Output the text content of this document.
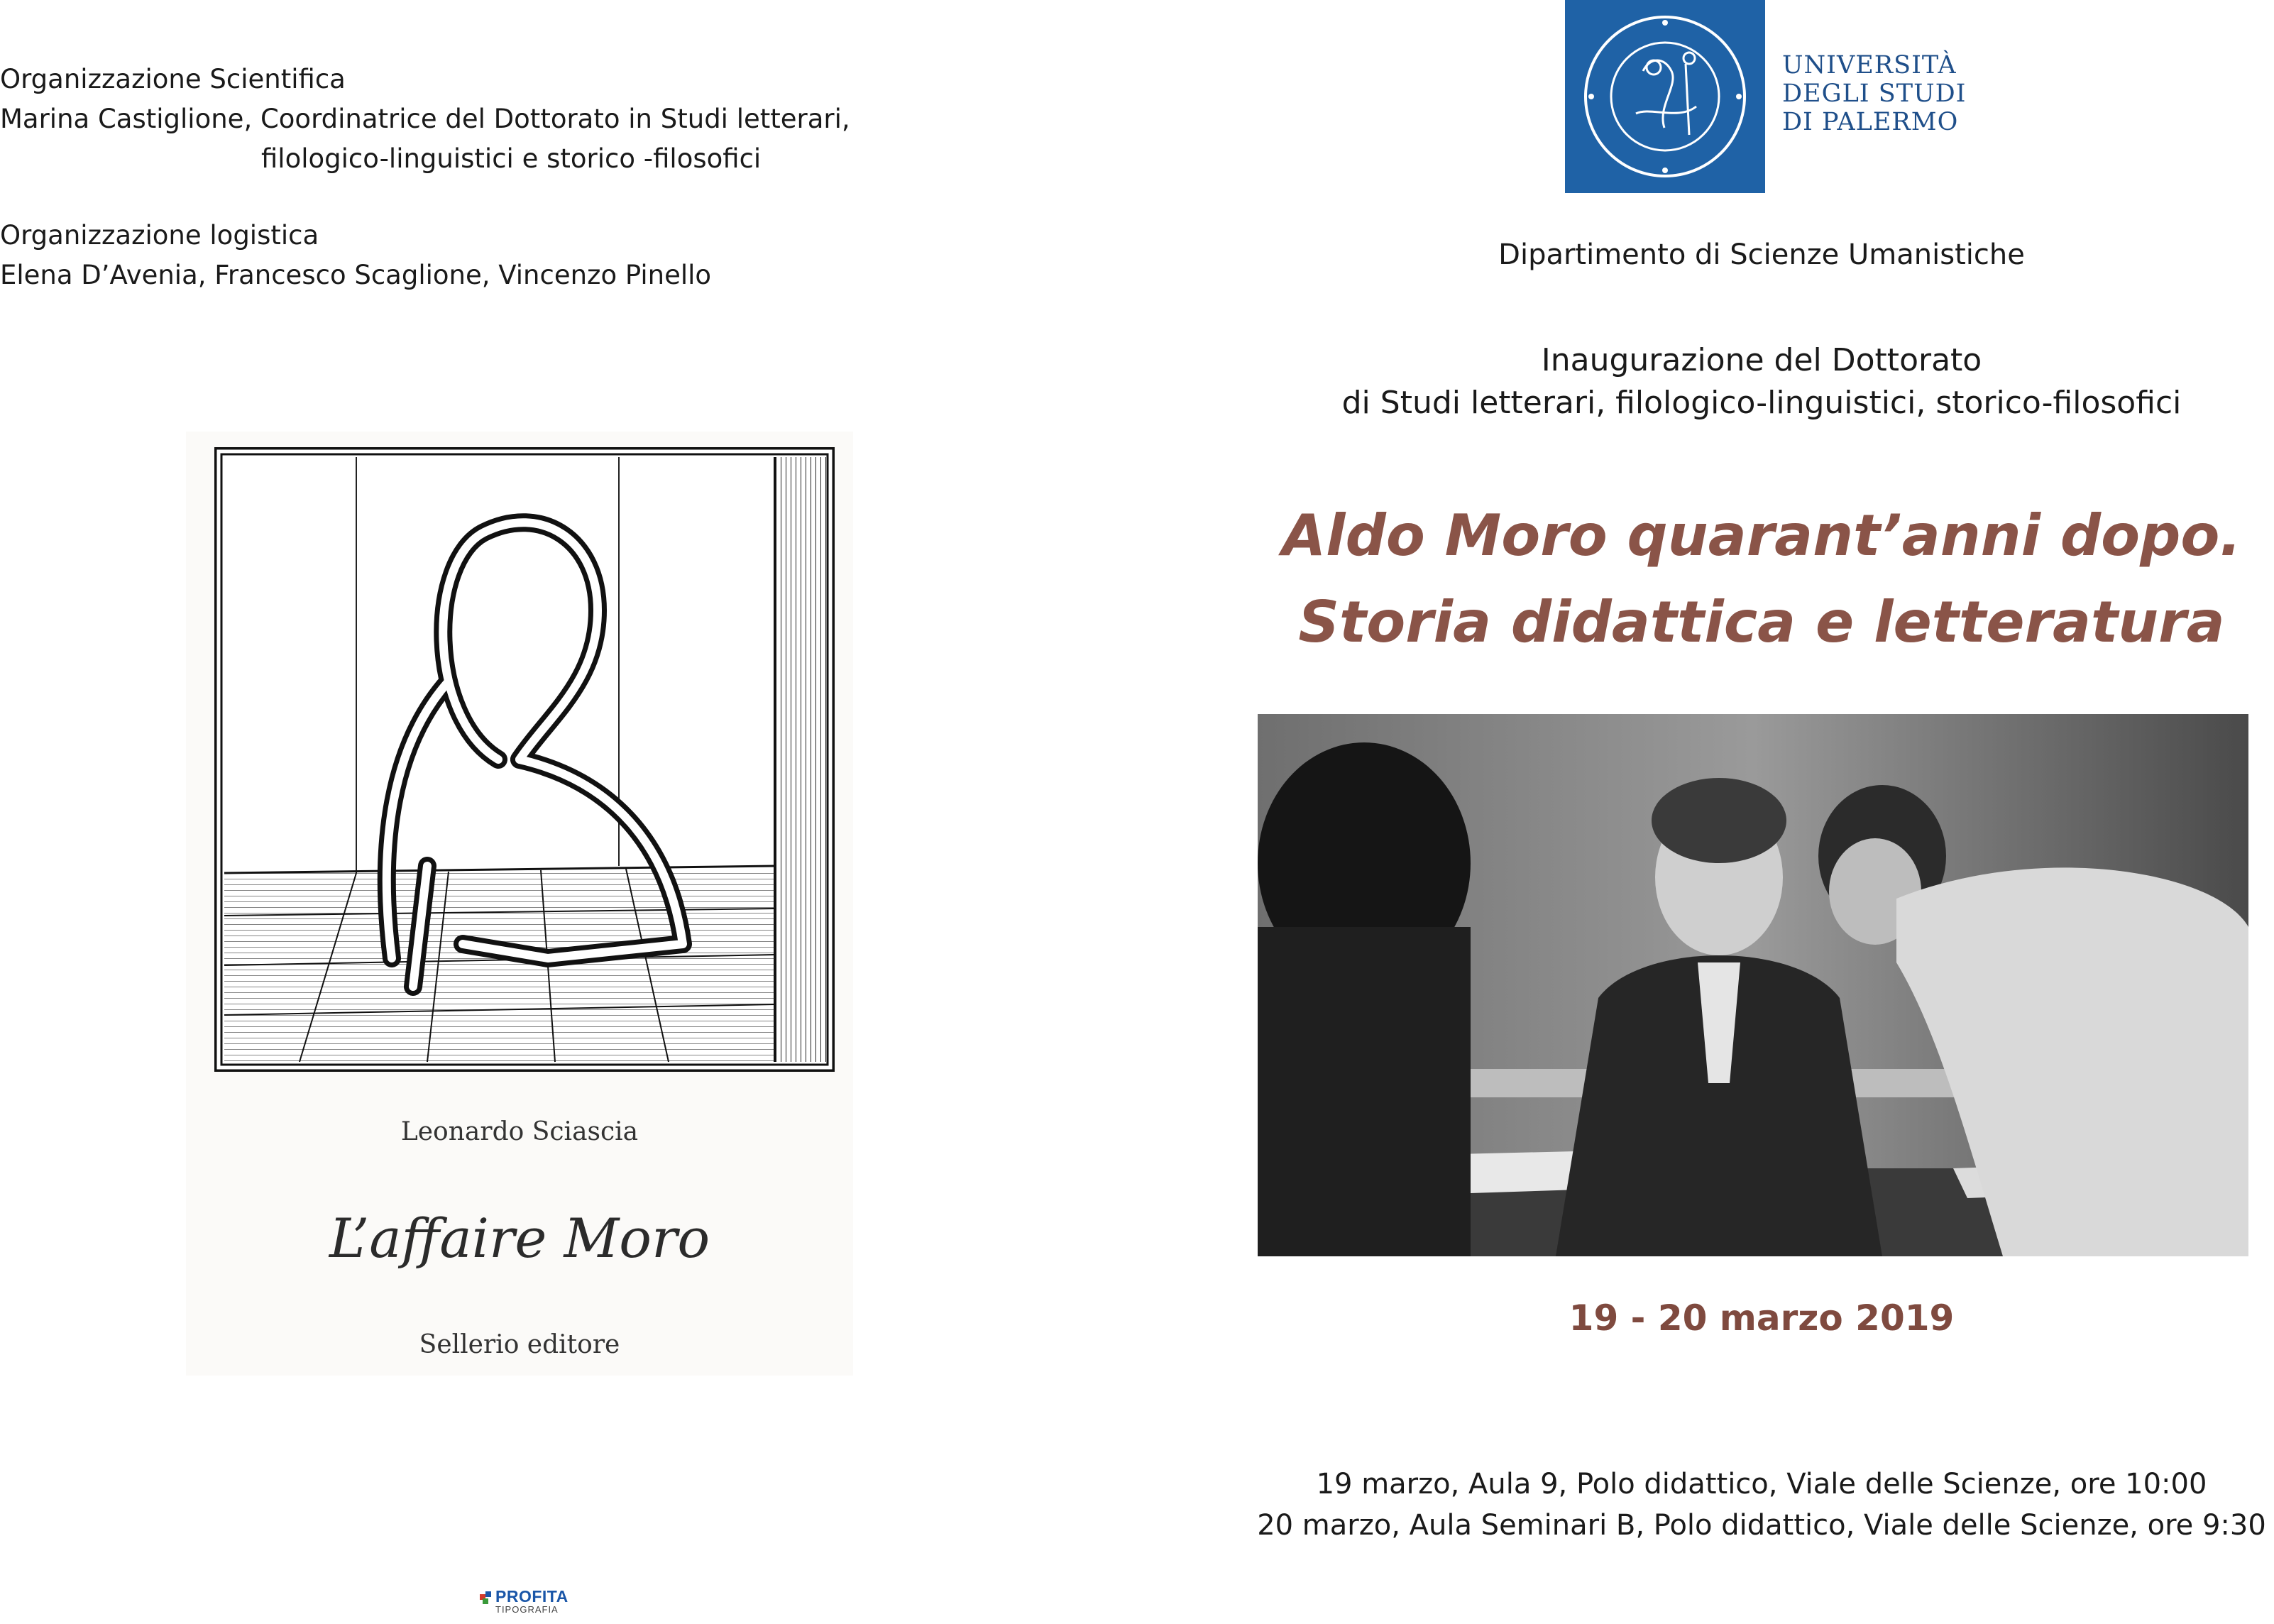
Organizzazione Scientifica
Marina Castiglione, Coordinatrice del Dottorato in Studi letterari,
filologico-linguistici e storico -filosofici
Organizzazione logistica
Elena D’Avenia, Francesco Scaglione, Vincenzo Pinello
Leonardo Sciascia
L’affaire Moro
Sellerio editore
PROFITA
TIPOGRAFIA
UNIVERSITÀ
DEGLI STUDI
DI PALERMO
Dipartimento di Scienze Umanistiche
Inaugurazione del Dottorato
di Studi letterari, filologico-linguistici, storico-filosofici
Aldo Moro quarant’anni dopo.
Storia didattica e letteratura
19 - 20 marzo 2019
19 marzo, Aula 9, Polo didattico, Viale delle Scienze, ore 10:00
20 marzo, Aula Seminari B, Polo didattico, Viale delle Scienze, ore 9:30
